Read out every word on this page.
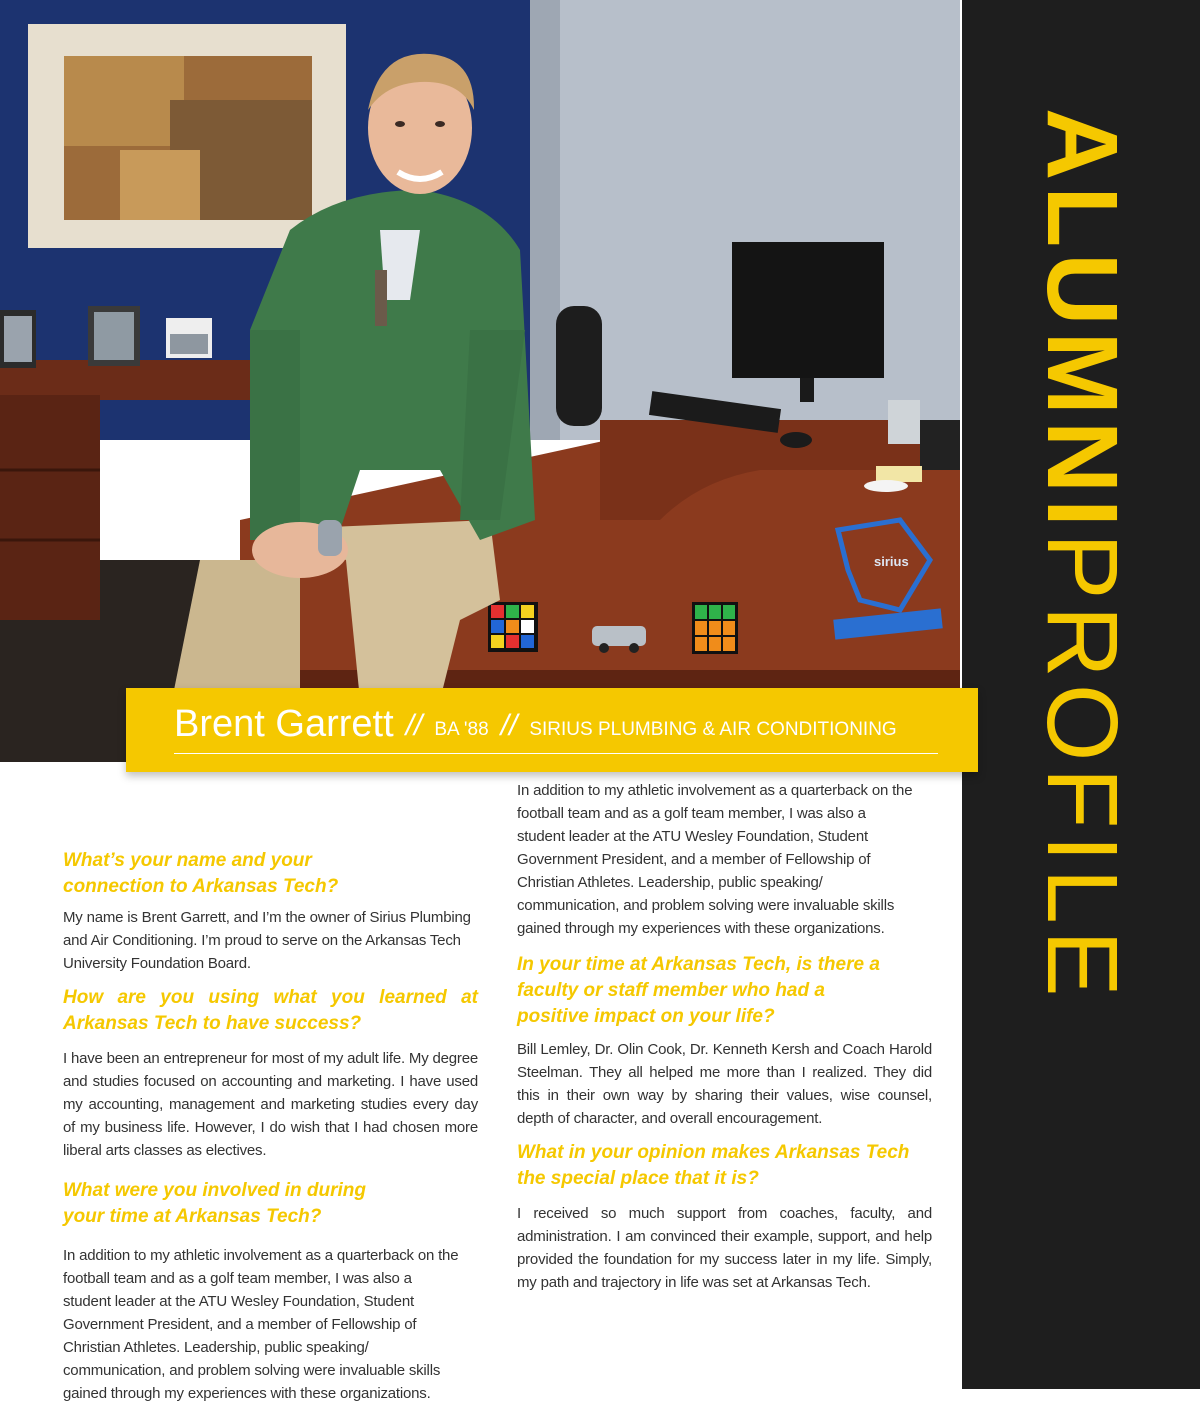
sirius
ALUMNIPROFILE
Brent Garrett // BA '88 // SIRIUS PLUMBING & AIR CONDITIONING

What’s your name and your connection to Arkansas Tech?

My name is Brent Garrett, and I’m the owner of Sirius Plumbing and Air Conditioning. I’m proud to serve on the Arkansas Tech University Foundation Board.

How are you using what you learned at Arkansas Tech to have success?

I have been an entrepreneur for most of my adult life. My degree and studies focused on accounting and marketing. I have used my accounting, management and marketing studies every day of my business life. However, I do wish that I had chosen more liberal arts classes as electives.

What were you involved in during your time at Arkansas Tech?

In addition to my athletic involvement as a quarterback on the football team and as a golf team member, I was also a student leader at the ATU Wesley Foundation, Student Government President, and a member of Fellowship of Christian Athletes. Leadership, public speaking/ communication, and problem solving were invaluable skills gained through my experiences with these organizations.

In addition to my athletic involvement as a quarterback on the football team and as a golf team member, I was also a student leader at the ATU Wesley Foundation, Student Government President, and a member of Fellowship of Christian Athletes. Leadership, public speaking/ communication, and problem solving were invaluable skills gained through my experiences with these organizations.

In your time at Arkansas Tech, is there a faculty or staff member who had a positive impact on your life?

Bill Lemley, Dr. Olin Cook, Dr. Kenneth Kersh and Coach Harold Steelman. They all helped me more than I realized. They did this in their own way by sharing their values, wise counsel, depth of character, and overall encouragement.

What in your opinion makes Arkansas Tech the special place that it is?

I received so much support from coaches, faculty, and administration. I am convinced their example, support, and help provided the foundation for my success later in my life. Simply, my path and trajectory in life was set at Arkansas Tech.
